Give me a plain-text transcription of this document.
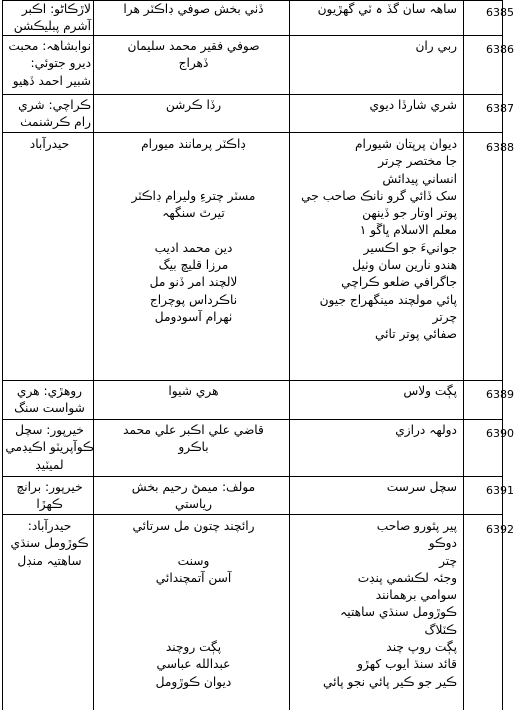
6385
ساهہ سان گڏ ہ ٽي گهڙيون
ڏٺي بخش صوفي ڊاڪٽر هرا
لاڙڪاڻو: اڪبر آشرم پبليڪشن
6386
ربي ران
صوفي فقير محمد سليمان
ڏهراج
نوابشاهہ: محبت ديرو جتوئي: شبير احمد ڏهيو
6387
شري شارڏا ديوي
رڏا ڪرشن
ڪراچي: شري رام ڪرشنمٺ
6388
ديوان پرپتان شيورام
جا مختصر چرتر
انساني پيدائش
سک ڏائي گرو نانڪ صاحب جي
پوتر اوتار جو ڏينهن
معلم الاسلام ڀاڱو ١
جوانيءَ جو اڪسير
هندو نارين سان وٺيل
جاگرافي ضلعو ڪراچي
پائي مولچند مينگهراج جيون
چرتر
صفائي پوتر تائي
ڊاڪٽر پرمانند ميورام
مسٽر چترءِ وليرام ڊاڪٽر
تيرٿ سنگهہ
دين محمد اديب
مرزا قليچ بيگ
لالچند امر ڏنو مل
ناڪرداس پوچراج
ٺهرام آسودومل
حيدرآباد
6389
پڳت ولاس
هري شيوا
روهڙي: هري شواست سنگ
6390
دولهہ درازي
قاضي علي اڪبر علي محمد
باڪرو
خيرپور: سچل ڪوآپريٽو اڪيڊمي لميٽيڊ
6391
سچل سرست
مولف: ميمڻ رحيم بخش
رياستي
خيرپور: برانچ ڪهڙا
6392
پير پٿورو صاحب
دوڪو
چتر
وجئہ لڪشمي پنڊت
سوامي برهمانند
ڪوڙومل سنڌي ساهتيہ
ڪٽلاگ
پڳت روپ چند
قائد سنڌ ايوب کهڙو
ڪير جو ڪير پائي نجو پائي
رائچند چتون مل سرتائي
وسنت
آسن آتمچندائي
پڳت روچند
عبدالله عباسي
ديوان ڪوڙومل
حيدرآباد: ڪوڙومل سنڌي ساهتيہ منڊل
